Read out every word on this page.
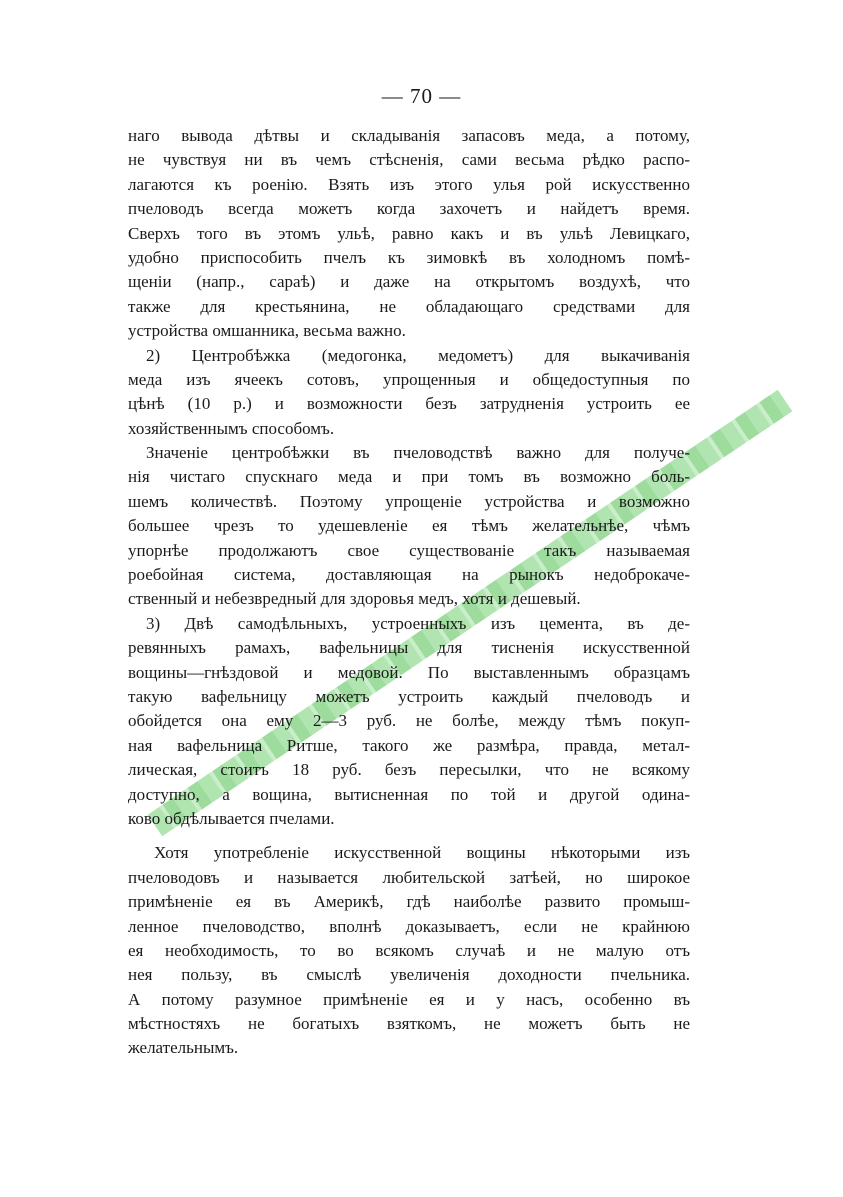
— 70 —
наго вывода дѣтвы и складыванія запасовъ меда, а потому,
не чувствуя ни въ чемъ стѣсненія, сами весьма рѣдко распо-
лагаются къ роенію. Взять изъ этого улья рой искусственно
пчеловодъ всегда можетъ когда захочетъ и найдетъ время.
Сверхъ того въ этомъ ульѣ, равно какъ и въ ульѣ Левицкаго,
удобно приспособить пчелъ къ зимовкѣ въ холодномъ помѣ-
щеніи (напр., сараѣ) и даже на открытомъ воздухѣ, что
также для крестьянина, не обладающаго средствами для
устройства омшанника, весьма важно.
2) Центробѣжка (медогонка, медометъ) для выкачиванія
меда изъ ячеекъ сотовъ, упрощенныя и общедоступныя по
цѣнѣ (10 р.) и возможности безъ затрудненія устроить ее
хозяйственнымъ способомъ.
Значеніе центробѣжки въ пчеловодствѣ важно для получе-
нія чистаго спускнаго меда и при томъ въ возможно боль-
шемъ количествѣ. Поэтому упрощеніе устройства и возможно
большее чрезъ то удешевленіе ея тѣмъ желательнѣе, чѣмъ
упорнѣе продолжаютъ свое существованіе такъ называемая
роебойная система, доставляющая на рынокъ недоброкаче-
ственный и небезвредный для здоровья медъ, хотя и дешевый.
3) Двѣ самодѣльныхъ, устроенныхъ изъ цемента, въ де-
ревянныхъ рамахъ, вафельницы для тисненія искусственной
вощины—гнѣздовой и медовой. По выставленнымъ образцамъ
такую вафельницу можетъ устроить каждый пчеловодъ и
обойдется она ему 2—3 руб. не болѣе, между тѣмъ покуп-
ная вафельница Ритше, такого же размѣра, правда, метал-
лическая, стоитъ 18 руб. безъ пересылки, что не всякому
доступно, а вощина, вытисненная по той и другой одина-
ково обдѣлывается пчелами.
Хотя употребленіе искусственной вощины нѣкоторыми изъ
пчеловодовъ и называется любительской затѣей, но широкое
примѣненіе ея въ Америкѣ, гдѣ наиболѣе развито промыш-
ленное пчеловодство, вполнѣ доказываетъ, если не крайнюю
ея необходимость, то во всякомъ случаѣ и не малую отъ
нея пользу, въ смыслѣ увеличенія доходности пчельника.
А потому разумное примѣненіе ея и у насъ, особенно въ
мѣстностяхъ не богатыхъ взяткомъ, не можетъ быть не
желательнымъ.
